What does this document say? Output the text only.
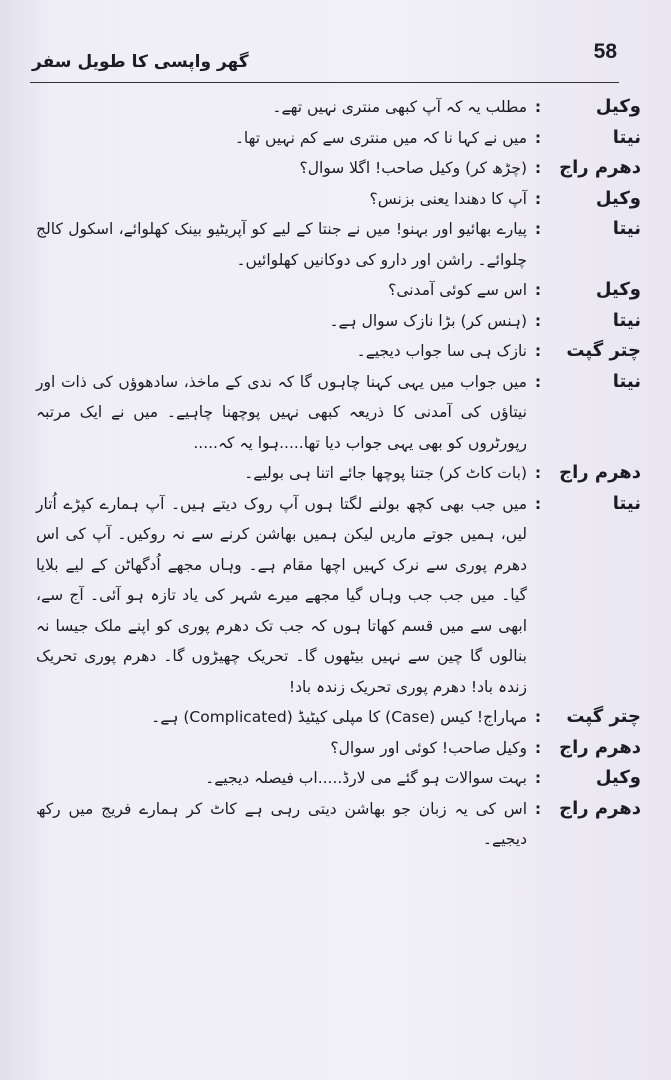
58
گھر واپسی کا طویل سفر
وکیل
:
مطلب یہ کہ آپ کبھی منتری نہیں تھے۔
نیتا
:
میں نے کہا نا کہ میں منتری سے کم نہیں تھا۔
دھرم راج
:
(چڑھ کر) وکیل صاحب! اگلا سوال؟
وکیل
:
آپ کا دھندا یعنی بزنس؟
نیتا
:
پیارے بھائیو اور بہنو! میں نے جنتا کے لیے کو آپریٹیو بینک کھلوائے، اسکول کالج چلوائے۔ راشن اور دارو کی دوکانیں کھلوائیں۔
وکیل
:
اس سے کوئی آمدنی؟
نیتا
:
(ہنس کر) بڑا نازک سوال ہے۔
چتر گپت
:
نازک ہی سا جواب دیجیے۔
نیتا
:
میں جواب میں یہی کہنا چاہوں گا کہ ندی کے ماخذ، سادھوؤں کی ذات اور نیتاؤں کی آمدنی کا ذریعہ کبھی نہیں پوچھنا چاہیے۔ میں نے ایک مرتبہ رپورٹروں کو بھی یہی جواب دیا تھا.....ہوا یہ کہ.....
دھرم راج
:
(بات کاٹ کر) جتنا پوچھا جائے اتنا ہی بولیے۔
نیتا
:
میں جب بھی کچھ بولنے لگتا ہوں آپ روک دیتے ہیں۔ آپ ہمارے کپڑے اُتار لیں، ہمیں جوتے ماریں لیکن ہمیں بھاشن کرنے سے نہ روکیں۔ آپ کی اس دھرم پوری سے نرک کہیں اچھا مقام ہے۔ وہاں مجھے اُدگھاٹن کے لیے بلایا گیا۔ میں جب جب وہاں گیا مجھے میرے شہر کی یاد تازہ ہو آئی۔ آج سے، ابھی سے میں قسم کھاتا ہوں کہ جب تک دھرم پوری کو اپنے ملک جیسا نہ بنالوں گا چین سے نہیں بیٹھوں گا۔ تحریک چھیڑوں گا۔ دھرم پوری تحریک زندہ باد! دھرم پوری تحریک زندہ باد!
چتر گپت
:
مہاراج! کیس (Case) کا مپلی کیٹیڈ (Complicated) ہے۔
دھرم راج
:
وکیل صاحب! کوئی اور سوال؟
وکیل
:
بہت سوالات ہو گئے می لارڈ.....اب فیصلہ دیجیے۔
دھرم راج
:
اس کی یہ زبان جو بھاشن دیتی رہی ہے کاٹ کر ہمارے فریج میں رکھ دیجیے۔
